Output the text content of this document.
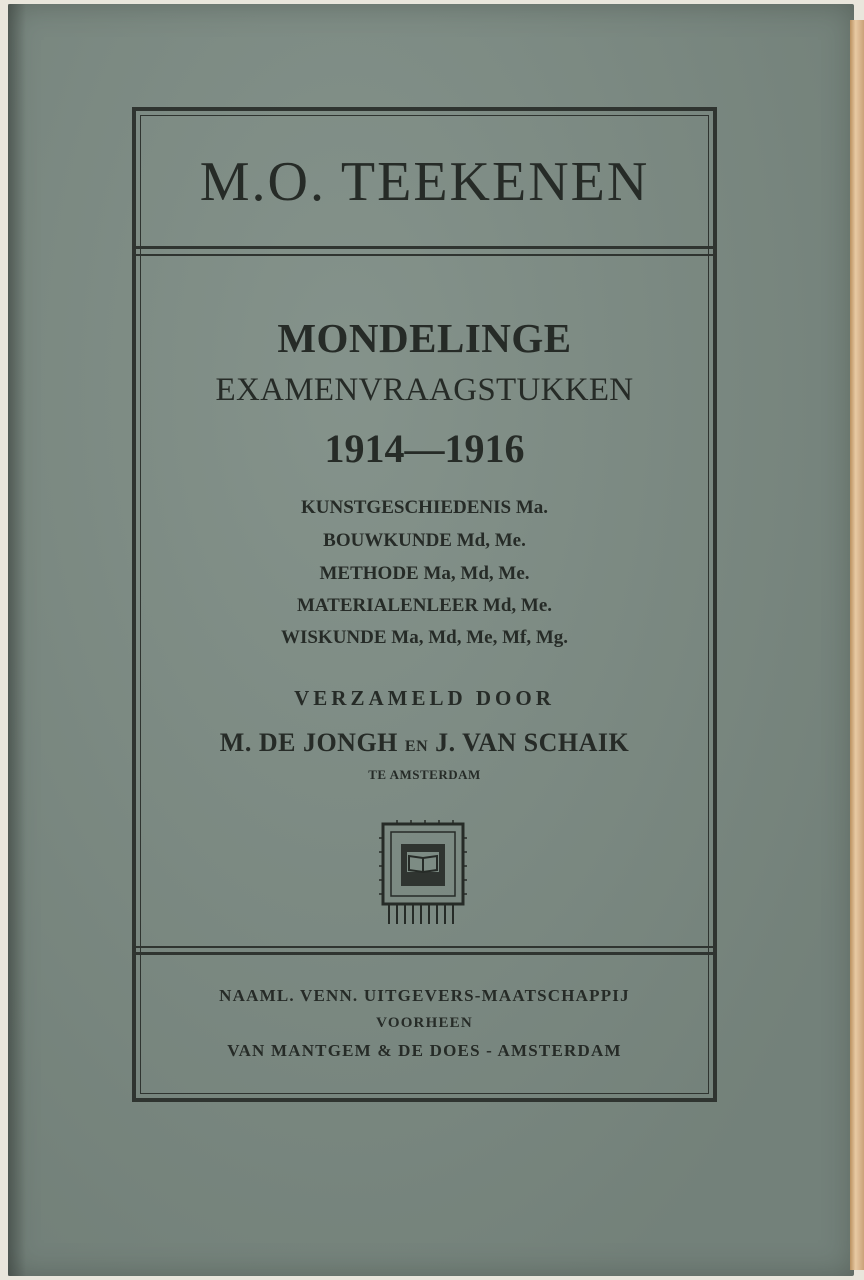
M.O. TEEKENEN
MONDELINGE
EXAMENVRAAGSTUKKEN
1914—1916
KUNSTGESCHIEDENIS Ma.
BOUWKUNDE Md, Me.
METHODE Ma, Md, Me.
MATERIALENLEER Md, Me.
WISKUNDE Ma, Md, Me, Mf, Mg.
VERZAMELD DOOR
M. DE JONGH EN J. VAN SCHAIK
TE AMSTERDAM
NAAML. VENN. UITGEVERS-MAATSCHAPPIJ
VOORHEEN
VAN MANTGEM & DE DOES - AMSTERDAM
